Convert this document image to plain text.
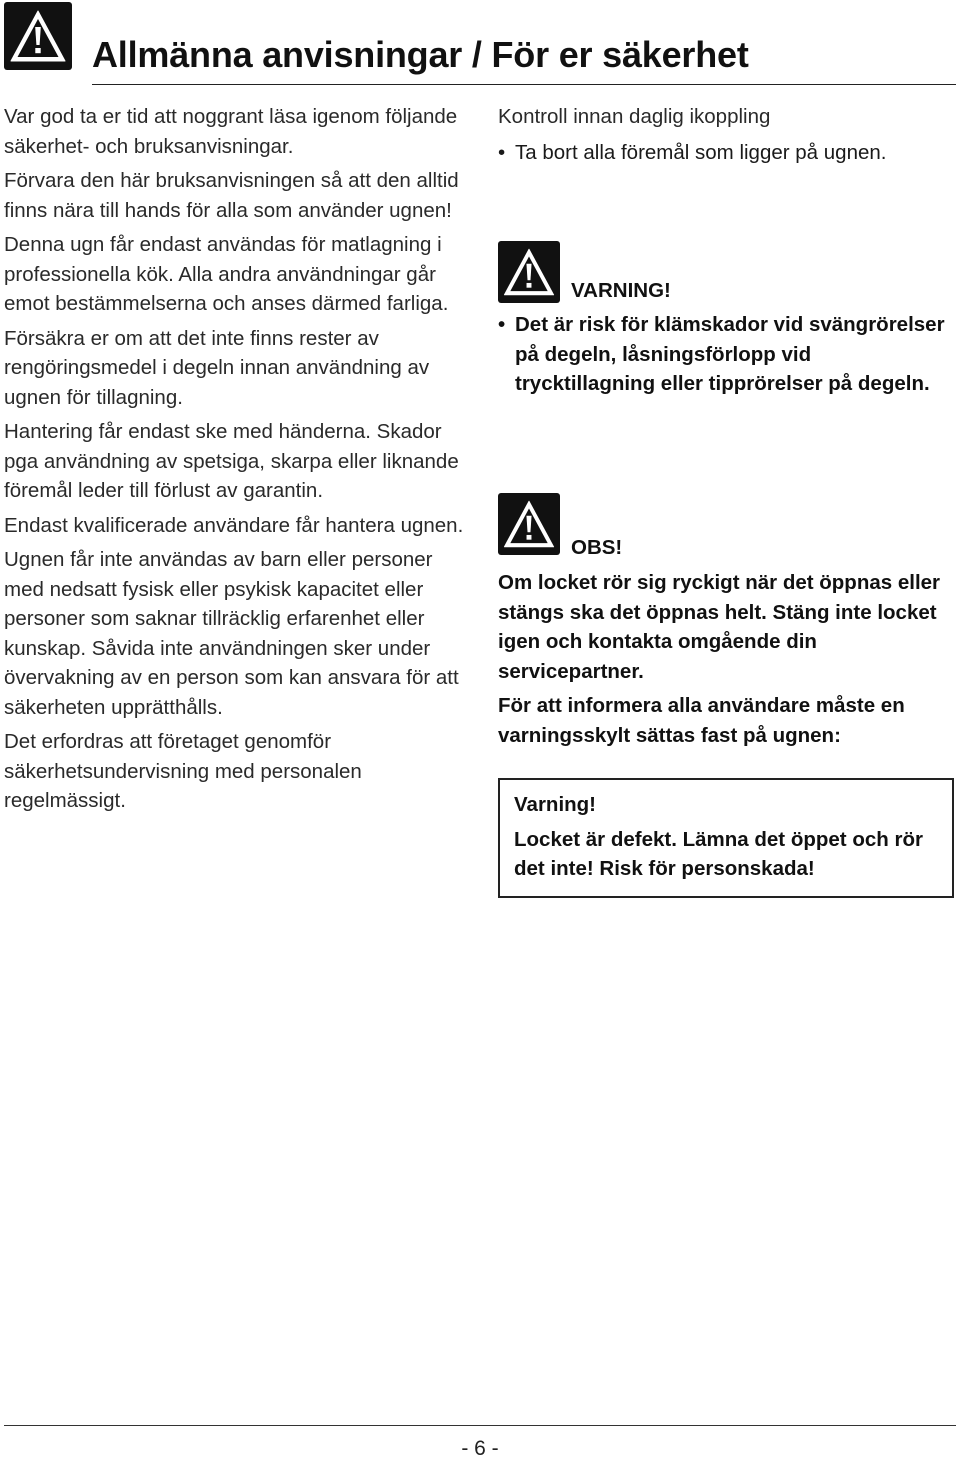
Allmänna anvisningar / För er säkerhet

Var god ta er tid att noggrant läsa igenom följande säkerhet- och bruksanvisningar.

Förvara den här bruksanvisningen så att den alltid finns nära till hands för alla som använder ugnen!

Denna ugn får endast användas för matlagning i professionella kök. Alla andra användningar går emot bestämmelserna och anses därmed farliga.

Försäkra er om att det inte finns rester av rengöringsmedel i degeln innan användning av ugnen för tillagning.

Hantering får endast ske med händerna. Skador pga användning av spetsiga, skarpa eller liknande föremål leder till förlust av garantin.

Endast kvalificerade användare får hantera ugnen.

Ugnen får inte användas av barn eller personer med nedsatt fysisk eller psykisk kapacitet eller personer som saknar tillräcklig erfarenhet eller kunskap. Såvida inte användningen sker under övervakning av en person som kan ansvara för att säkerheten upprätthålls.

Det erfordras att företaget genomför säkerhetsundervisning med personalen regelmässigt.

Kontroll innan daglig ikoppling
• Ta bort alla föremål som ligger på ugnen.
VARNING!
• Det är risk för klämskador vid svängrörelser på degeln, låsningsförlopp vid trycktillagning eller tipprörelser på degeln.
OBS!
Om locket rör sig ryckigt när det öppnas eller stängs ska det öppnas helt. Stäng inte locket igen och kontakta omgående din servicepartner.
För att informera alla användare måste en varningsskylt sättas fast på ugnen:
Varning!
Locket är defekt. Lämna det öppet och rör det inte! Risk för personskada!
- 6 -
